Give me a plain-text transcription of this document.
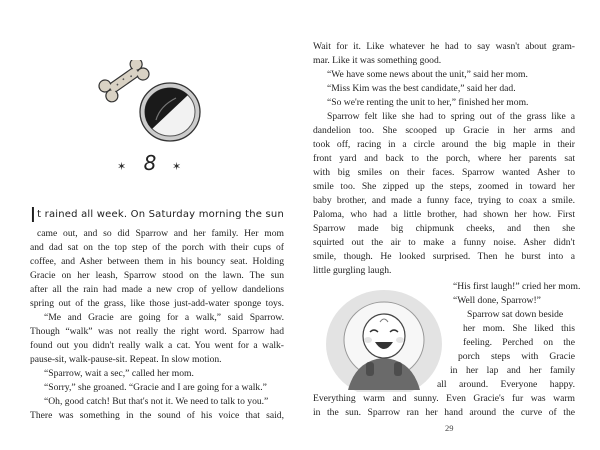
✶ 8	✶
It rained all week. On Saturday morning the sun
came out, and so did Sparrow and her family. Her mom
and dad sat on the top step of the porch with their cups of
coffee, and Asher between them in his bouncy seat. Holding
Gracie on her leash, Sparrow stood on the lawn. The sun
after all the rain had made a new crop of yellow dandelions
spring out of the grass, like those just-add-water sponge toys.
“Me and Gracie are going for a walk,” said Sparrow.
Though “walk” was not really the right word. Sparrow had
found out you didn't really walk a cat. You went for a walk-
pause-sit, walk-pause-sit. Repeat. In slow motion.
“Sparrow, wait a sec,” called her mom.
“Sorry,” she groaned. “Gracie and I are going for a walk.”
“Oh, good catch! But that's not it. We need to talk to you.”
There was something in the sound of his voice that said,
Wait for it. Like whatever he had to say wasn't about gram-
mar. Like it was something good.
“We have some news about the unit,” said her mom.
“Miss Kim was the best candidate,” said her dad.
“So we're renting the unit to her,” finished her mom.
Sparrow felt like she had to spring out of the grass like a
dandelion too. She scooped up Gracie in her arms and
took off, racing in a circle around the big maple in their
front yard and back to the porch, where her parents sat
with big smiles on their faces. Sparrow wanted Asher to
smile too. She zipped up the steps, zoomed in toward her
baby brother, and made a funny face, trying to coax a smile.
Paloma, who had a little brother, had shown her how. First
Sparrow made big chipmunk cheeks, and then she
squirted out the air to make a funny noise. Asher didn't
smile, though. He looked surprised. Then he burst into a
little gurgling laugh.
“His first laugh!” cried her mom.
“Well done, Sparrow!”
Sparrow sat down beside
her mom. She liked this
feeling. Perched on the
porch steps with Gracie
in her lap and her family
all around. Everyone happy.
Everything warm and sunny. Even Gracie's fur was warm
in the sun. Sparrow ran her hand around the curve of the
29
